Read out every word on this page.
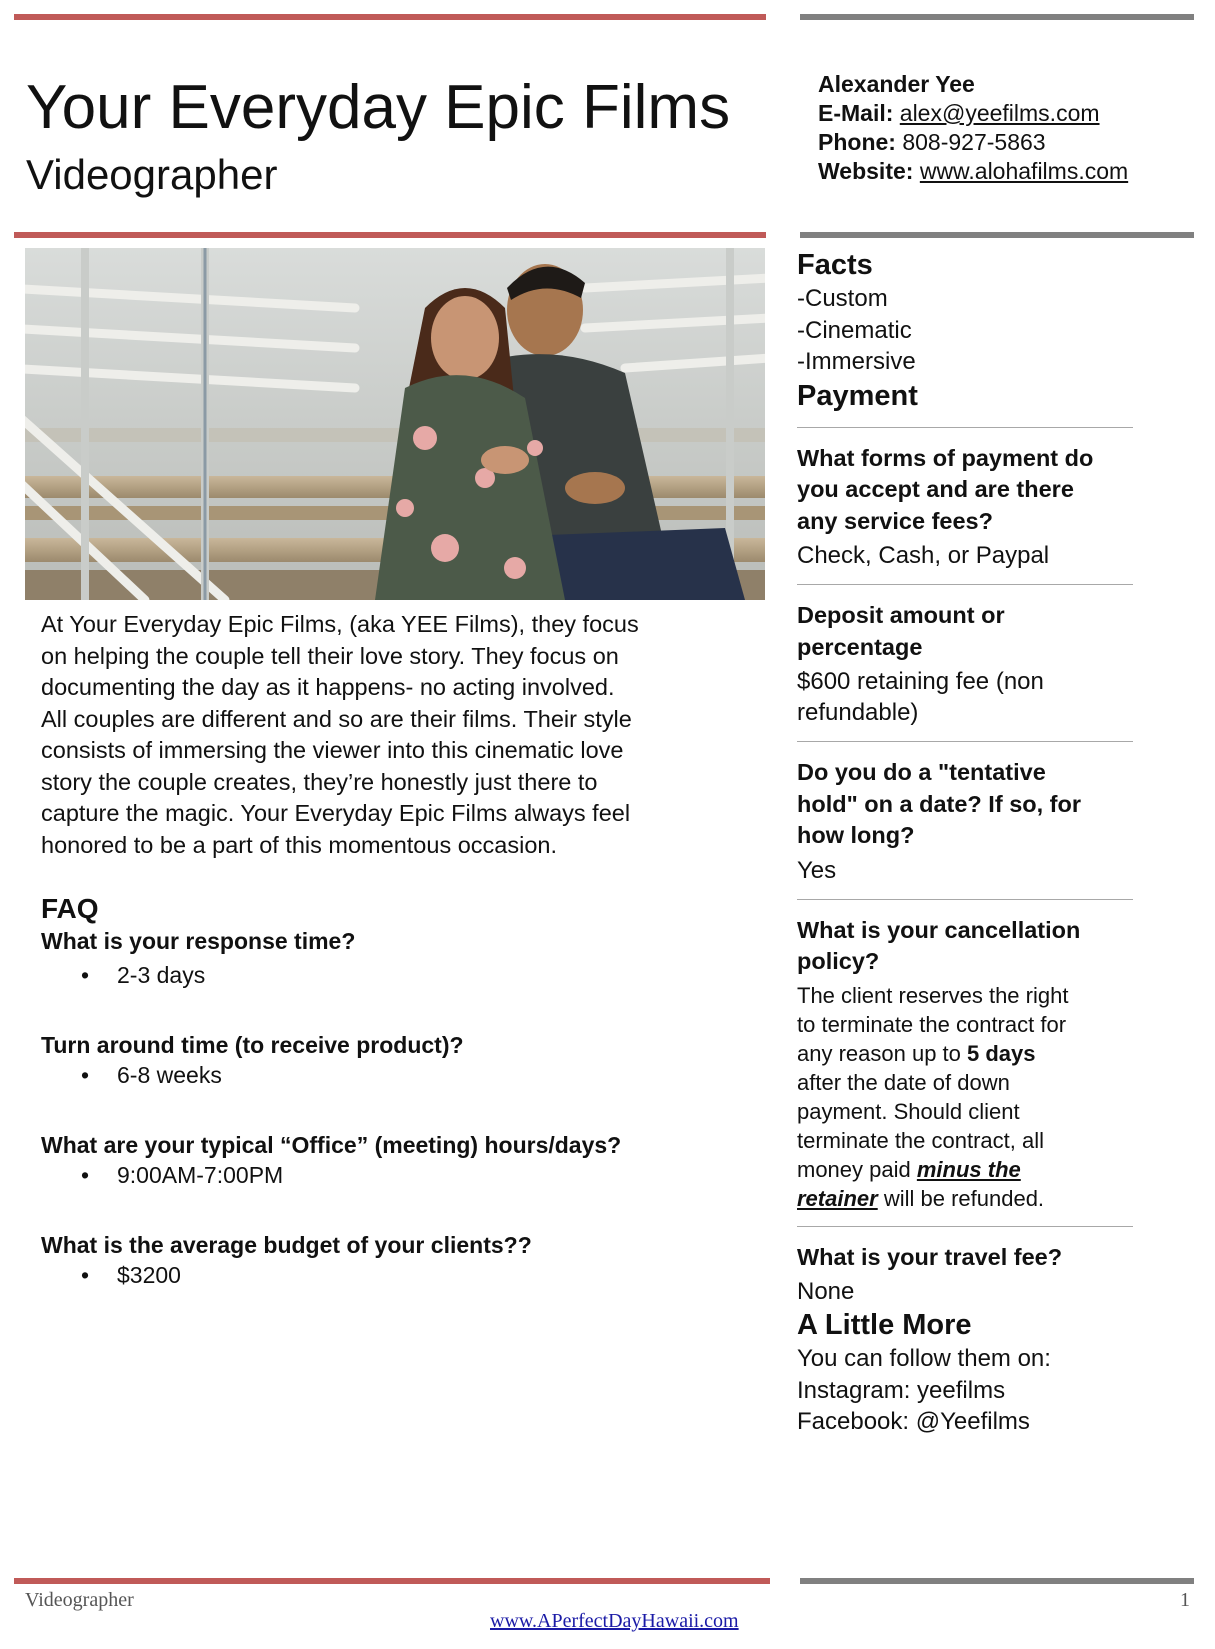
Your Everyday Epic Films
Videographer
Alexander Yee
E-Mail: alex@yeefilms.com
Phone: 808-927-5863
Website: www.alohafilms.com
At Your Everyday Epic Films, (aka YEE Films), they focus
on helping the couple tell their love story. They focus on
documenting the day as it happens- no acting involved.
All couples are different and so are their films. Their style
consists of immersing the viewer into this cinematic love
story the couple creates, they’re honestly just there to
capture the magic. Your Everyday Epic Films always feel
honored to be a part of this momentous occasion.
FAQ
What is your response time?
• 2-3 days
Turn around time (to receive product)?
• 6-8 weeks
What are your typical “Office” (meeting) hours/days?
• 9:00AM-7:00PM
What is the average budget of your clients??
• $3200
Facts
-Custom
-Cinematic
-Immersive
Payment
What forms of payment do
you accept and are there
any service fees?
Check, Cash, or Paypal
Deposit amount or
percentage
$600 retaining fee (non
refundable)
Do you do a "tentative
hold" on a date? If so, for
how long?
Yes
What is your cancellation
policy?
The client reserves the right
to terminate the contract for
any reason up to 5 days
after the date of down
payment. Should client
terminate the contract, all
money paid minus the
retainer will be refunded.
What is your travel fee?
None
A Little More
You can follow them on:
Instagram: yeefilms
Facebook: @Yeefilms
Videographer
www.APerfectDayHawaii.com
1
